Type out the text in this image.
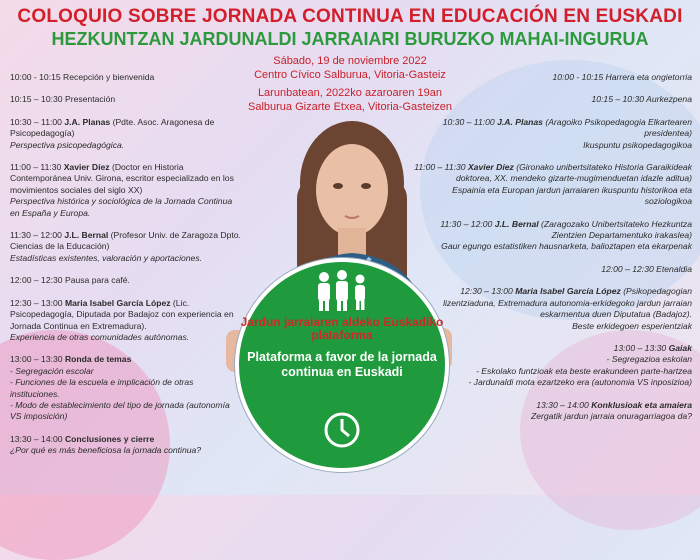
COLOQUIO SOBRE JORNADA CONTINUA EN EDUCACIÓN EN EUSKADI
HEZKUNTZAN JARDUNALDI JARRAIARI BURUZKO MAHAI-INGURUA
Sábado, 19 de noviembre 2022
Centro Cívico Salburua, Vitoria-Gasteiz
Larunbatean, 2022ko azaroaren 19an
Salburua Gizarte Etxea, Vitoria-Gasteizen
Jardun jarraiaren aldeko Euskadiko plataforma
Plataforma a favor de la jornada continua en Euskadi
10:00 - 10:15 Recepción y bienvenida
10:15 – 10:30 Presentación
10:30 – 11:00 J.A. Planas (Pdte. Asoc. Aragonesa de Psicopedagogía)
Perspectiva psicopedagógica.
11:00 – 11:30 Xavier Díez (Doctor en Historia Contemporánea Univ. Girona, escritor especializado en los movimientos sociales del siglo XX)
Perspectiva histórica y sociológica de la Jornada Continua en España y Europa.
11:30 – 12:00 J.L. Bernal (Profesor Univ. de Zaragoza Dpto. Ciencias de la Educación)
Estadísticas existentes, valoración y aportaciones.
12:00 – 12:30 Pausa para café.
12:30 – 13:00 Maria Isabel García López (Lic. Psicopedagogía, Diputada por Badajoz con experiencia en Jornada Continua en Extremadura).
Experiencia de otras comunidades autónomas.
13:00 – 13:30 Ronda de temas
- Segregación escolar
- Funciones de la escuela e implicación de otras instituciones.
- Modo de establecimiento del tipo de jornada (autonomía VS imposición)
13:30 – 14:00 Conclusiones y cierre
¿Por qué es más beneficiosa la jornada continua?
10:00 - 10:15 Harrera eta ongietorria
10:15 – 10:30 Aurkezpena
10:30 – 11:00 J.A. Planas (Aragoiko Psikopedagogia Elkartearen presidentea)
Ikuspuntu psikopedagogikoa
11:00 – 11:30 Xavier Díez (Gironako unibertsitateko Historia Garaikideak doktorea, XX. mendeko gizarte-mugimenduetan idazle aditua)
Espainia eta Europan jardun jarraiaren ikuspuntu historikoa eta soziologikoa
11:30 – 12:00 J.L. Bernal (Zaragozako Unibertsitateko Hezkuntza Zientzien Departamentuko irakaslea)
Gaur egungo estatistiken hausnarketa, balioztapen eta ekarpenak
12:00 – 12:30 Etenaldia
12:30 – 13:00 Maria Isabel García López (Psikopedagogian lizentziaduna, Extremadura autonomia-erkidegoko jardun jarraian eskarmentua duen Diputatua (Badajoz).
Beste erkidegoen esperientziak
13:00 – 13:30 Gaiak
- Segregazioa eskolan
- Eskolako funtzioak eta beste erakundeen parte-hartzea
- Jardunaldi mota ezartzeko era (autonomia VS inposizioa)
13:30 – 14:00 Konklusioak eta amaiera
Zergatik jardun jarraia onuragarriagoa da?
